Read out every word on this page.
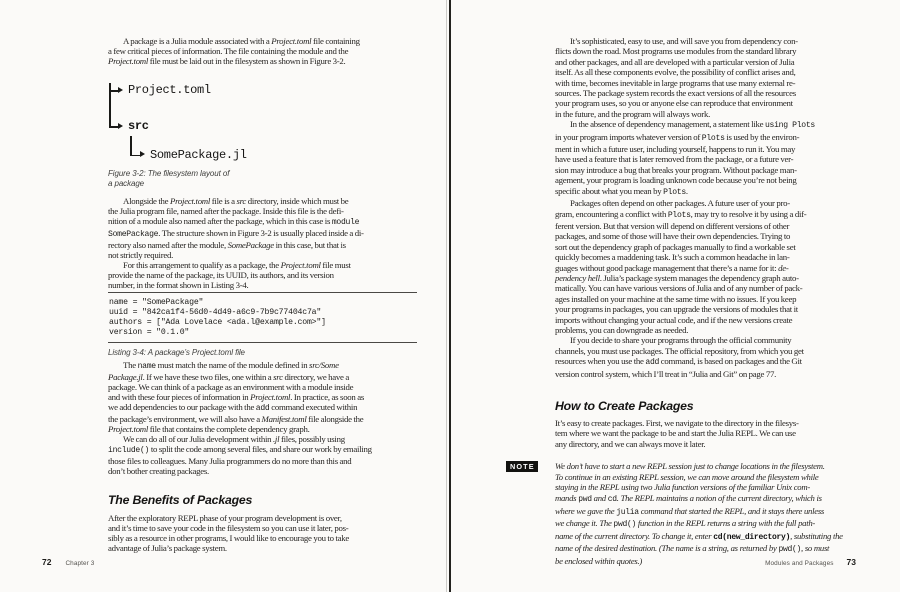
A package is a Julia module associated with a Project.toml file containing
a few critical pieces of information. The file containing the module and the
Project.toml file must be laid out in the filesystem as shown in Figure 3-2.
Project.toml
src
SomePackage.jl
Figure 3-2: The filesystem layout of
a package
Alongside the Project.toml file is a src directory, inside which must be
the Julia program file, named after the package. Inside this file is the defi-
nition of a module also named after the package, which in this case is module
SomePackage. The structure shown in Figure 3-2 is usually placed inside a di-
rectory also named after the module, SomePackage in this case, but that is
not strictly required.
For this arrangement to qualify as a package, the Project.toml file must
provide the name of the package, its UUID, its authors, and its version
number, in the format shown in Listing 3-4.
name = "SomePackage"
uuid = "842ca1f4-56d0-4d49-a6c9-7b9c77404c7a"
authors = ["Ada Lovelace <ada.l@example.com>"]
version = "0.1.0"
Listing 3-4: A package’s Project.toml file
The name must match the name of the module defined in src/Some
Package.jl. If we have these two files, one within a src directory, we have a
package. We can think of a package as an environment with a module inside
and with these four pieces of information in Project.toml. In practice, as soon as
we add dependencies to our package with the add command executed within
the package’s environment, we will also have a Manifest.toml file alongside the
Project.toml file that contains the complete dependency graph.
We can do all of our Julia development within .jl files, possibly using
include() to split the code among several files, and share our work by emailing
those files to colleagues. Many Julia programmers do no more than this and
don’t bother creating packages.
The Benefits of Packages
After the exploratory REPL phase of your program development is over,
and it’s time to save your code in the filesystem so you can use it later, pos-
sibly as a resource in other programs, I would like to encourage you to take
advantage of Julia’s package system.
72 Chapter 3
It’s sophisticated, easy to use, and will save you from dependency con-
flicts down the road. Most programs use modules from the standard library
and other packages, and all are developed with a particular version of Julia
itself. As all these components evolve, the possibility of conflict arises and,
with time, becomes inevitable in large programs that use many external re-
sources. The package system records the exact versions of all the resources
your program uses, so you or anyone else can reproduce that environment
in the future, and the program will always work.
In the absence of dependency management, a statement like using Plots
in your program imports whatever version of Plots is used by the environ-
ment in which a future user, including yourself, happens to run it. You may
have used a feature that is later removed from the package, or a future ver-
sion may introduce a bug that breaks your program. Without package man-
agement, your program is loading unknown code because you’re not being
specific about what you mean by Plots.
Packages often depend on other packages. A future user of your pro-
gram, encountering a conflict with Plots, may try to resolve it by using a dif-
ferent version. But that version will depend on different versions of other
packages, and some of those will have their own dependencies. Trying to
sort out the dependency graph of packages manually to find a workable set
quickly becomes a maddening task. It’s such a common headache in lan-
guages without good package management that there’s a name for it: de-
pendency hell. Julia’s package system manages the dependency graph auto-
matically. You can have various versions of Julia and of any number of pack-
ages installed on your machine at the same time with no issues. If you keep
your programs in packages, you can upgrade the versions of modules that it
imports without changing your actual code, and if the new versions create
problems, you can downgrade as needed.
If you decide to share your programs through the official community
channels, you must use packages. The official repository, from which you get
resources when you use the add command, is based on packages and the Git
version control system, which I’ll treat in “Julia and Git” on page 77.
How to Create Packages
It’s easy to create packages. First, we navigate to the directory in the filesys-
tem where we want the package to be and start the Julia REPL. We can use
any directory, and we can always move it later.
NOTE	We don’t have to start a new REPL session just to change locations in the filesystem.
To continue in an existing REPL session, we can move around the filesystem while
staying in the REPL using two Julia function versions of the familiar Unix com-
mands pwd and cd. The REPL maintains a notion of the current directory, which is
where we gave the julia command that started the REPL, and it stays there unless
we change it. The pwd() function in the REPL returns a string with the full path-
name of the current directory. To change it, enter cd(new_directory), substituting the
name of the desired destination. (The name is a string, as returned by pwd(), so must
be enclosed within quotes.)	Modules and Packages 73
